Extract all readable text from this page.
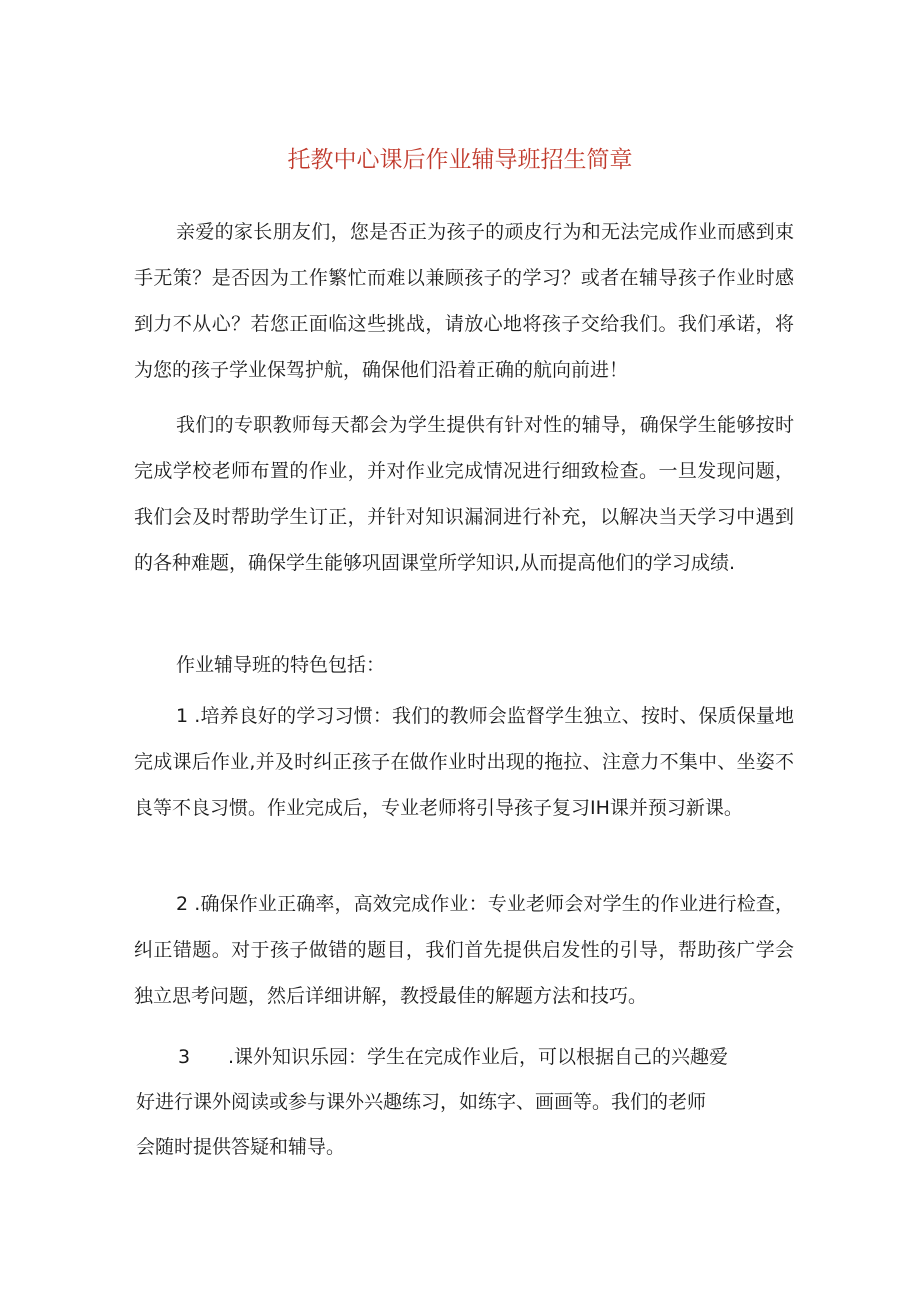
托教中心课后作业辅导班招生简章

亲爱的家长朋友们，您是否正为孩子的顽皮行为和无法完成作业而感到束手无策？是否因为工作繁忙而难以兼顾孩子的学习？或者在辅导孩子作业时感到力不从心？若您正面临这些挑战，请放心地将孩子交给我们。我们承诺，将为您的孩子学业保驾护航，确保他们沿着正确的航向前进！

我们的专职教师每天都会为学生提供有针对性的辅导，确保学生能够按时完成学校老师布置的作业，并对作业完成情况进行细致检查。一旦发现问题，我们会及时帮助学生订正，并针对知识漏洞进行补充，以解决当天学习中遇到的各种难题，确保学生能够巩固课堂所学知识,从而提高他们的学习成绩.

作业辅导班的特色包括：

1 .培养良好的学习习惯：我们的教师会监督学生独立、按时、保质保量地完成课后作业,并及时纠正孩子在做作业时出现的拖拉、注意力不集中、坐姿不良等不良习惯。作业完成后，专业老师将引导孩子复习IH课并预习新课。

2 .确保作业正确率，高效完成作业：专业老师会对学生的作业进行检查，纠正错题。对于孩子做错的题目，我们首先提供启发性的引导，帮助孩广学会独立思考问题，然后详细讲解，教授最佳的解题方法和技巧。

3 .课外知识乐园：学生在完成作业后，可以根据自己的兴趣爱
好进行课外阅读或参与课外兴趣练习，如练字、画画等。我们的老师
会随时提供答疑和辅导。
